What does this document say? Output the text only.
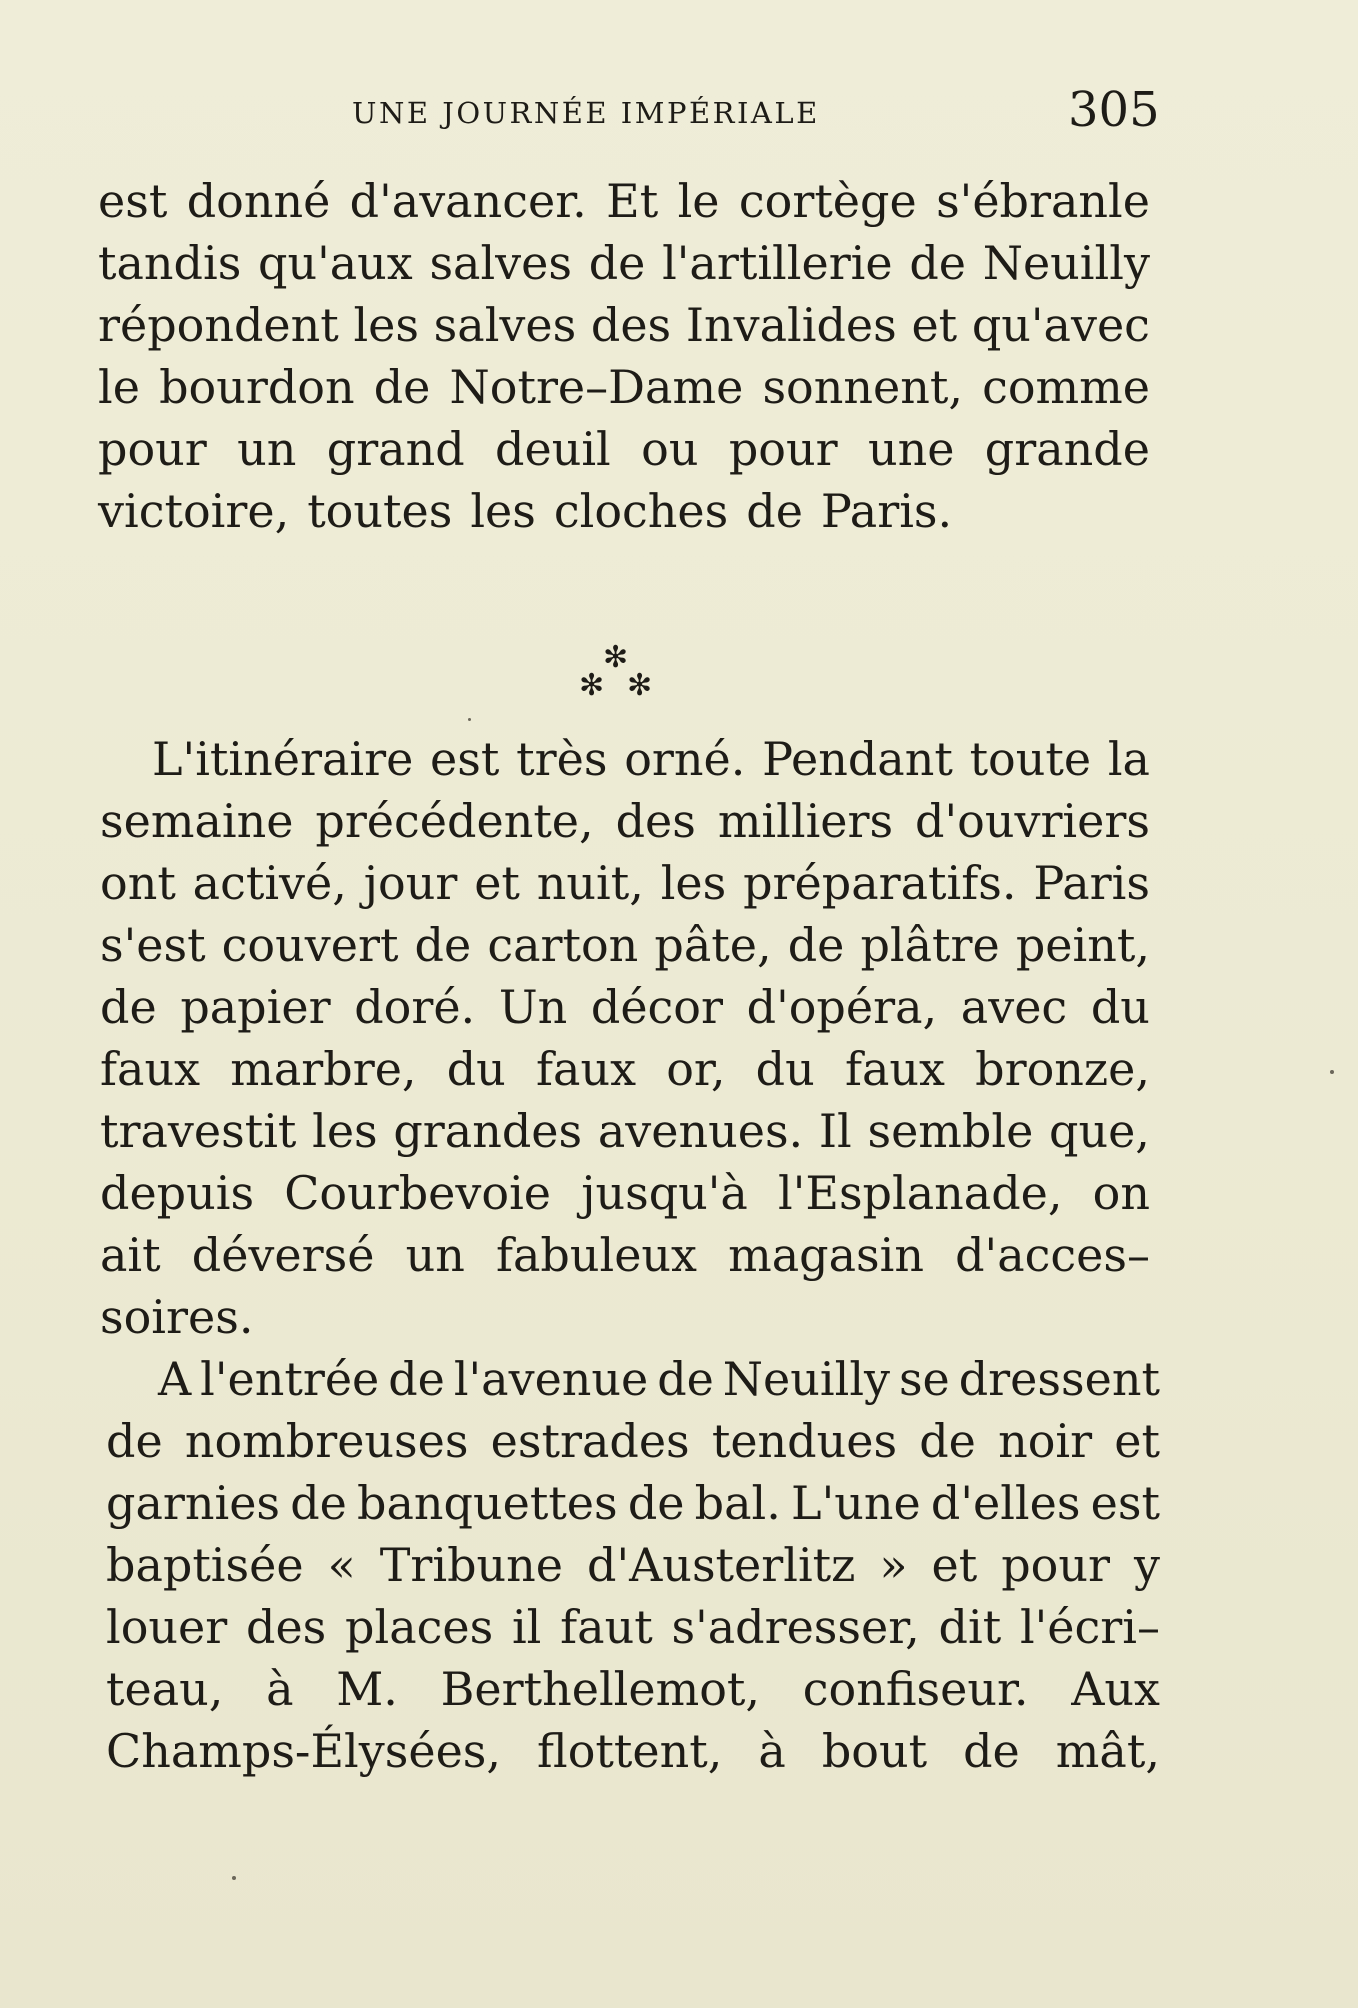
UNE JOURNÉE IMPÉRIALE	305
est donné d'avancer. Et le cortège s'ébranle
tandis qu'aux salves de l'artillerie de Neuilly
répondent les salves des Invalides et qu'avec
le bourdon de Notre–Dame sonnent, comme
pour un grand deuil ou pour une grande
victoire, toutes les cloches de Paris.
L'itinéraire est très orné. Pendant toute la
semaine précédente, des milliers d'ouvriers
ont activé, jour et nuit, les préparatifs. Paris
s'est couvert de carton pâte, de plâtre peint,
de papier doré. Un décor d'opéra, avec du
faux marbre, du faux or, du faux bronze,
travestit les grandes avenues. Il semble que,
depuis Courbevoie jusqu'à l'Esplanade, on
ait déversé un fabuleux magasin d'acces–
soires.
A l'entrée de l'avenue de Neuilly se dressent
de nombreuses estrades tendues de noir et
garnies de banquettes de bal. L'une d'elles est
baptisée « Tribune d'Austerlitz » et pour y
louer des places il faut s'adresser, dit l'écri–
teau, à M. Berthellemot, confiseur. Aux
Champs-Élysées, flottent, à bout de mât,
✻
✻ ✻
